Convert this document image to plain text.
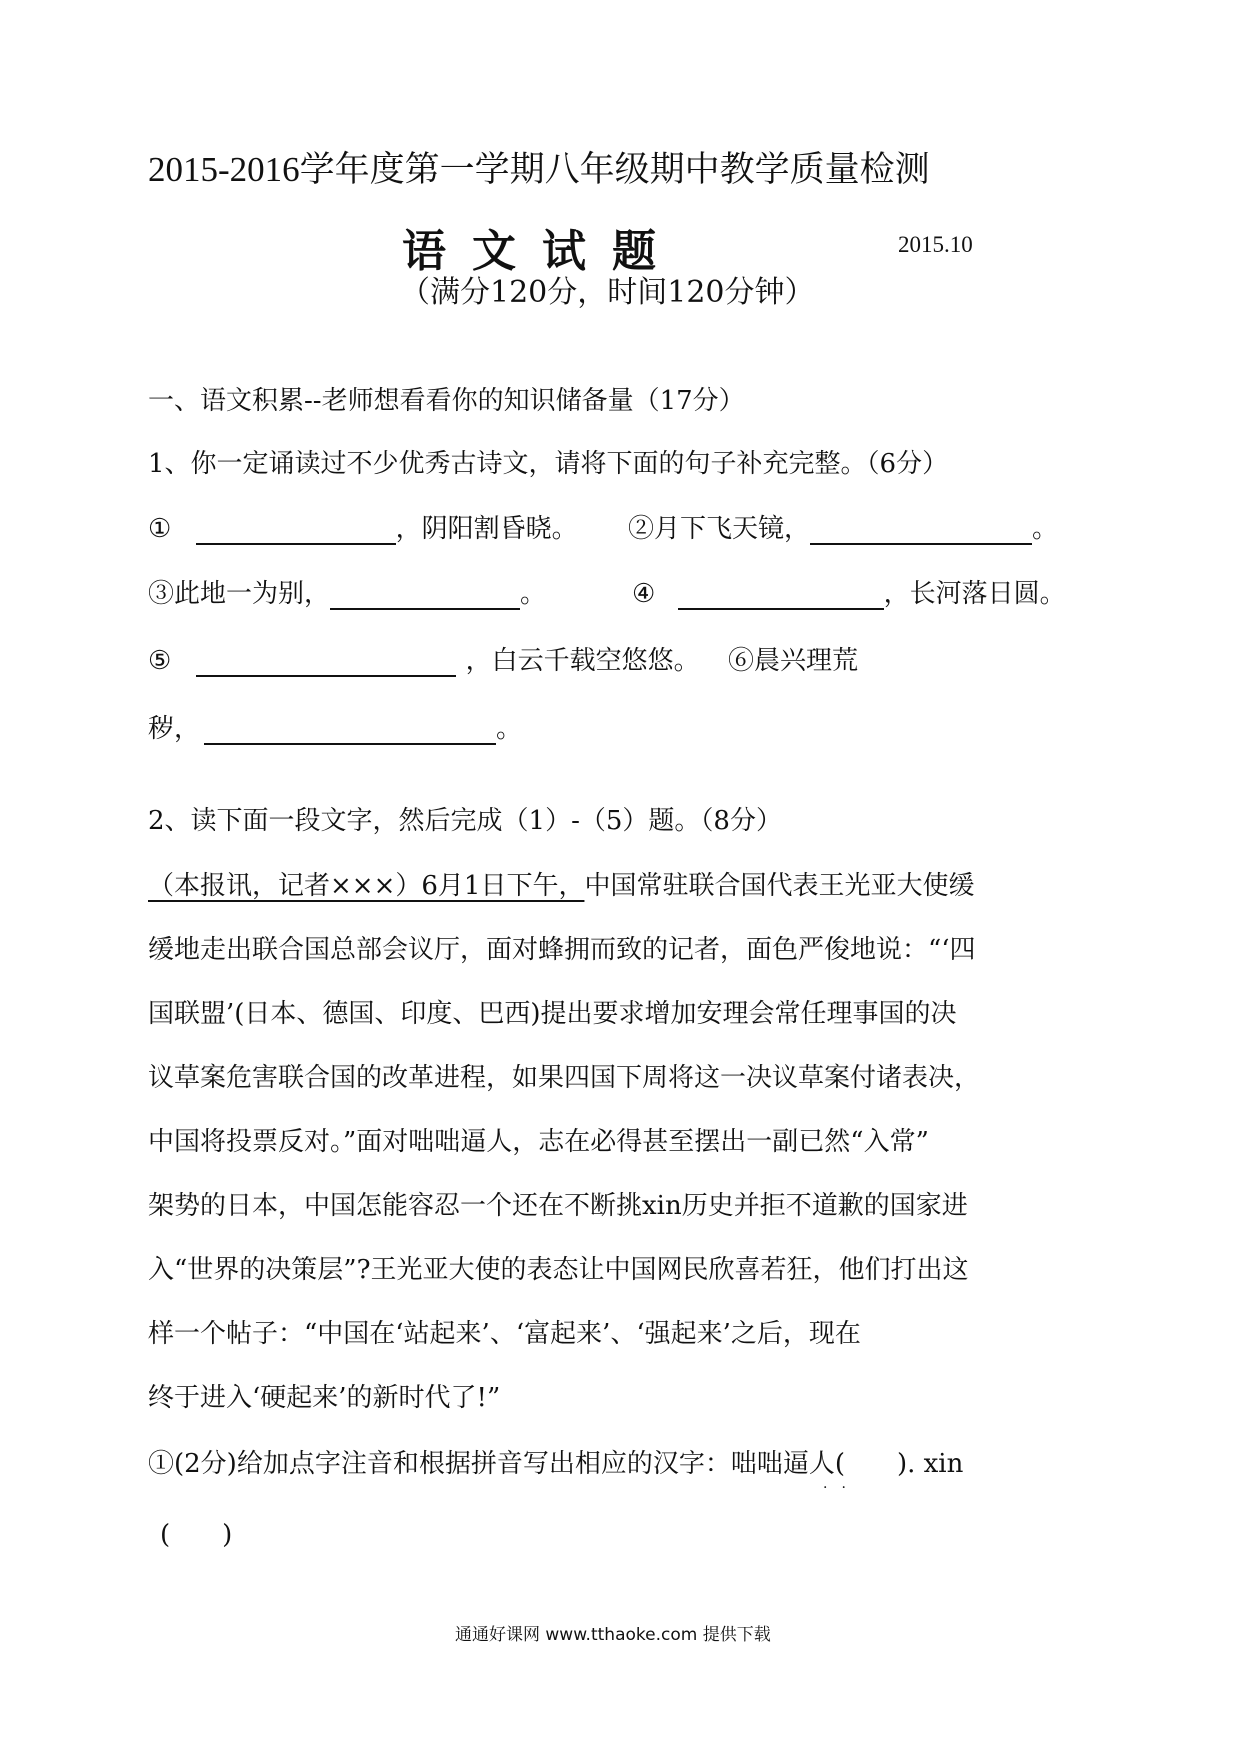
2015-2016学年度第一学期八年级期中教学质量检测
语文试题	2015.10
（满分120分，时间120分钟）
一、语文积累--老师想看看你的知识储备量（17分）
1、你一定诵读过不少优秀古诗文，请将下面的句子补充完整。（6分）
①	，阴阳割昏晓。 ②月下飞天镜，	。
③此地一为别，	。	④	，长河落日圆。
⑤	，白云千载空悠悠。 ⑥晨兴理荒
秽，	。
2、读下面一段文字，然后完成（1）-（5）题。（8分）
（本报讯，记者×××）6月1日下午，中国常驻联合国代表王光亚大使缓
缓地走出联合国总部会议厅，面对蜂拥而致的记者，面色严俊地说：“‘四
国联盟’(日本、德国、印度、巴西)提出要求增加安理会常任理事国的决
议草案危害联合国的改革进程，如果四国下周将这一决议草案付诸表决，
中国将投票反对。”面对咄咄逼人，志在必得甚至摆出一副已然“入常”
架势的日本，中国怎能容忍一个还在不断挑xin历史并拒不道歉的国家进
入“世界的决策层”?王光亚大使的表态让中国网民欣喜若狂，他们打出这
样一个帖子：“中国在‘站起来’、‘富起来’、‘强起来’之后，现在
终于进入‘硬起来’的新时代了!”
①(2分)给加点字注音和根据拼音写出相应的汉字：咄咄逼人(　　). xin
··
(　　)
通通好课网 www.tthaoke.com 提供下载
